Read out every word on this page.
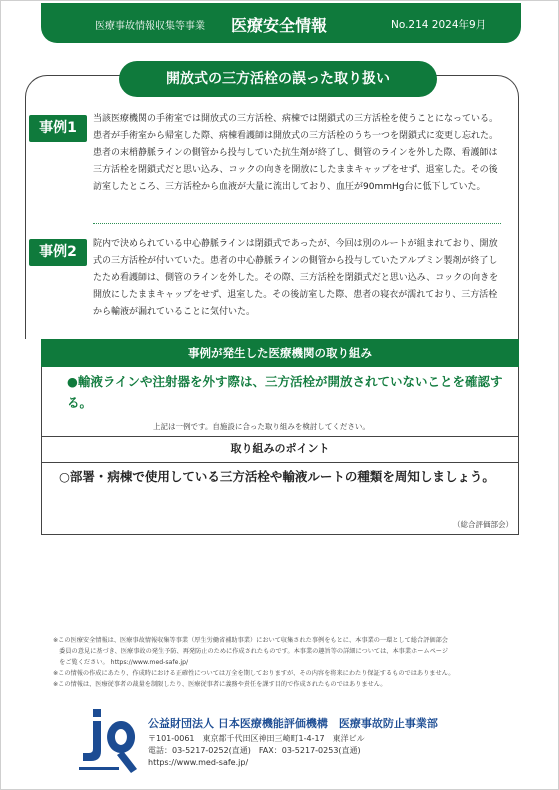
医療事故情報収集等事業 医療安全情報	No.214 2024年9月
開放式の三方活栓の誤った取り扱い
事例1
当該医療機関の手術室では開放式の三方活栓、病棟では閉鎖式の三方活栓を使うことになっている。患者が手術室から帰室した際、病棟看護師は開放式の三方活栓のうち一つを閉鎖式に変更し忘れた。患者の末梢静脈ラインの側管から投与していた抗生剤が終了し、側管のラインを外した際、看護師は三方活栓を閉鎖式だと思い込み、コックの向きを開放にしたままキャップをせず、退室した。その後訪室したところ、三方活栓から血液が大量に流出しており、血圧が90mmHg台に低下していた。
事例2	院内で決められている中心静脈ラインは閉鎖式であったが、今回は別のルートが組まれており、開放式の三方活栓が付いていた。患者の中心静脈ラインの側管から投与していたアルブミン製剤が終了したため看護師は、側管のラインを外した。その際、三方活栓を閉鎖式だと思い込み、コックの向きを開放にしたままキャップをせず、退室した。その後訪室した際、患者の寝衣が濡れており、三方活栓から輸液が漏れていることに気付いた。
事例が発生した医療機関の取り組み
●輸液ラインや注射器を外す際は、三方活栓が開放されていないことを確認する。
上記は一例です。自施設に合った取り組みを検討してください。
取り組みのポイント
○部署・病棟で使用している三方活栓や輸液ルートの種類を周知しましょう。
（総合評価部会）
※この医療安全情報は、医療事故情報収集等事業（厚生労働省補助事業）において収集された事例をもとに、本事業の一環として総合評価部会
　委員の意見に基づき、医療事故の発生予防、再発防止のために作成されたものです。本事業の趣旨等の詳細については、本事業ホームページ
　をご覧ください。 https://www.med-safe.jp/
※この情報の作成にあたり、作成時における正確性については万全を期しておりますが、その内容を将来にわたり保証するものではありません。
※この情報は、医療従事者の裁量を制限したり、医療従事者に義務や責任を課す目的で作成されたものではありません。
公益財団法人 日本医療機能評価機構　医療事故防止事業部
〒101-0061　東京都千代田区神田三崎町1-4-17　東洋ビル
電話：03-5217-0252(直通)　FAX：03-5217-0253(直通)
https://www.med-safe.jp/
